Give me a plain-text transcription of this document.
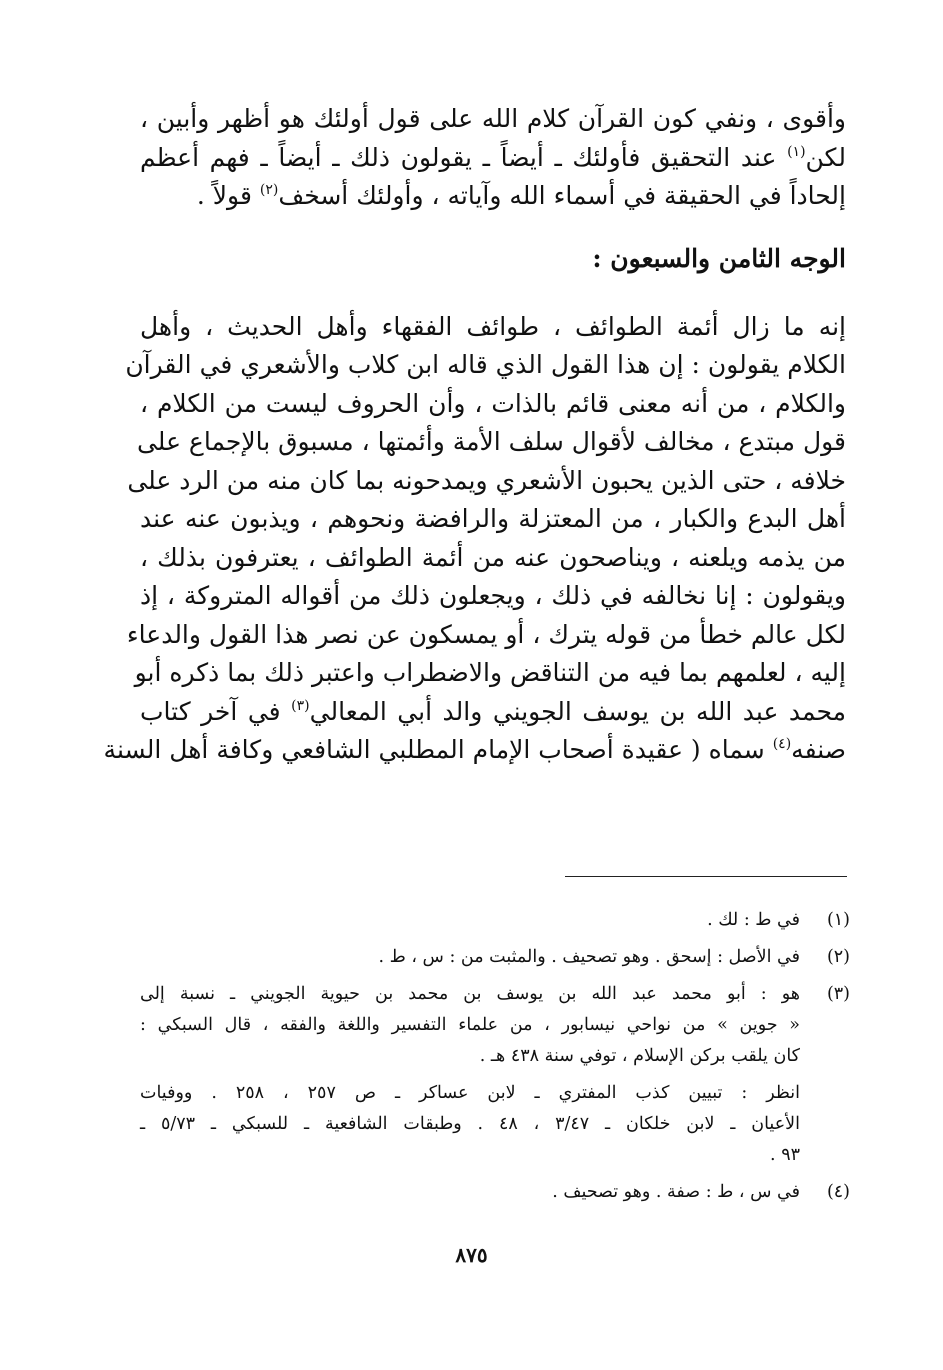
وأقوى ، ونفي كون القرآن كلام الله على قول أولئك هو أظهر وأبين ،
لكن$^{(١)}$ عند التحقيق فأولئك ـ أيضاً ـ يقولون ذلك ـ أيضاً ـ فهم أعظم
إلحاداً في الحقيقة في أسماء الله وآياته ، وأولئك أسخف$^{(٢)}$ قولاً .
الوجه الثامن والسبعون :
إنه ما زال أئمة الطوائف ، طوائف الفقهاء وأهل الحديث ، وأهل
الكلام يقولون : إن هذا القول الذي قاله ابن كلاب والأشعري في القرآن
والكلام ، من أنه معنى قائم بالذات ، وأن الحروف ليست من الكلام ،
قول مبتدع ، مخالف لأقوال سلف الأمة وأئمتها ، مسبوق بالإجماع على
خلافه ، حتى الذين يحبون الأشعري ويمدحونه بما كان منه من الرد على
أهل البدع والكبار ، من المعتزلة والرافضة ونحوهم ، ويذبون عنه عند
من يذمه ويلعنه ، ويناصحون عنه من أئمة الطوائف ، يعترفون بذلك ،
ويقولون : إنا نخالفه في ذلك ، ويجعلون ذلك من أقواله المتروكة ، إذ
لكل عالم خطأ من قوله يترك ، أو يمسكون عن نصر هذا القول والدعاء
إليه ، لعلمهم بما فيه من التناقض والاضطراب واعتبر ذلك بما ذكره أبو
محمد عبد الله بن يوسف الجويني والد أبي المعالي$^{(٣)}$ في آخر كتاب
صنفه$^{(٤)}$ سماه ( عقيدة أصحاب الإمام المطلبي الشافعي وكافة أهل السنة
(١)
في ط : لك .
(٢)
في الأصل : إسحق . وهو تصحيف . والمثبت من : س ، ط .
(٣)
هو : أبو محمد عبد الله بن يوسف بن محمد بن حيوية الجويني ـ نسبة إلى
« جوين » من نواحي نيسابور ، من علماء التفسير واللغة والفقه ، قال السبكي :
كان يلقب بركن الإسلام ، توفي سنة ٤٣٨ هـ .
انظر : تبيين كذب المفتري ـ لابن عساكر ـ ص ٢٥٧ ، ٢٥٨ . ووفيات
الأعيان ـ لابن خلكان ـ ٣/٤٧ ، ٤٨ . وطبقات الشافعية ـ للسبكي ـ ٥/٧٣ ـ
٩٣ .
(٤)
في س ، ط : صفة . وهو تصحيف .
٨٧٥
